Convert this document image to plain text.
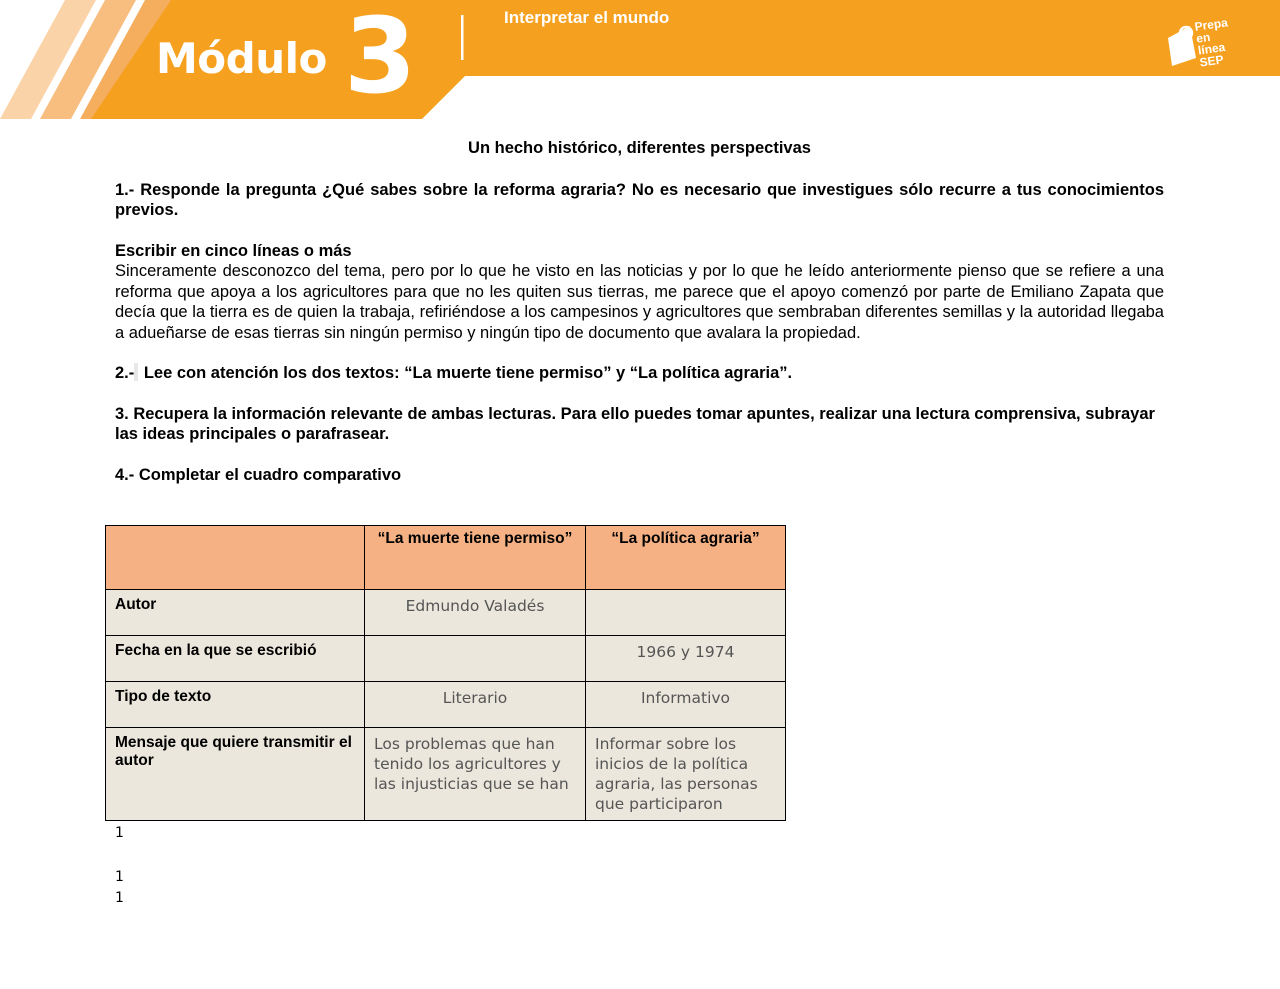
Módulo 3	Interpretar el mundo	Prepa en línea SEP
Un hecho histórico, diferentes perspectivas
1.- Responde la pregunta ¿Qué sabes sobre la reforma agraria? No es necesario que investigues sólo recurre a tus conocimientos previos.
Escribir en cinco líneas o más
Sinceramente desconozco del tema, pero por lo que he visto en las noticias y por lo que he leído anteriormente pienso que se refiere a una reforma que apoya a los agricultores para que no les quiten sus tierras, me parece que el apoyo comenzó por parte de Emiliano Zapata que decía que la tierra es de quien la trabaja, refiriéndose a los campesinos y agricultores que sembraban diferentes semillas y la autoridad llegaba a adueñarse de esas tierras sin ningún permiso y ningún tipo de documento que avalara la propiedad.
2.- Lee con atención los dos textos: “La muerte tiene permiso” y “La política agraria”.
3. Recupera la información relevante de ambas lecturas. Para ello puedes tomar apuntes, realizar una lectura comprensiva, subrayar las ideas principales o parafrasear.
4.- Completar el cuadro comparativo
	“La muerte tiene permiso”	“La política agraria”
Autor	Edmundo Valadés	
Fecha en la que se escribió		1966 y 1974
Tipo de texto	Literario	Informativo
Mensaje que quiere transmitir el autor	Los problemas que han tenido los agricultores y las injusticias que se han	Informar sobre los inicios de la política agraria, las personas que participaron
1
1
1
